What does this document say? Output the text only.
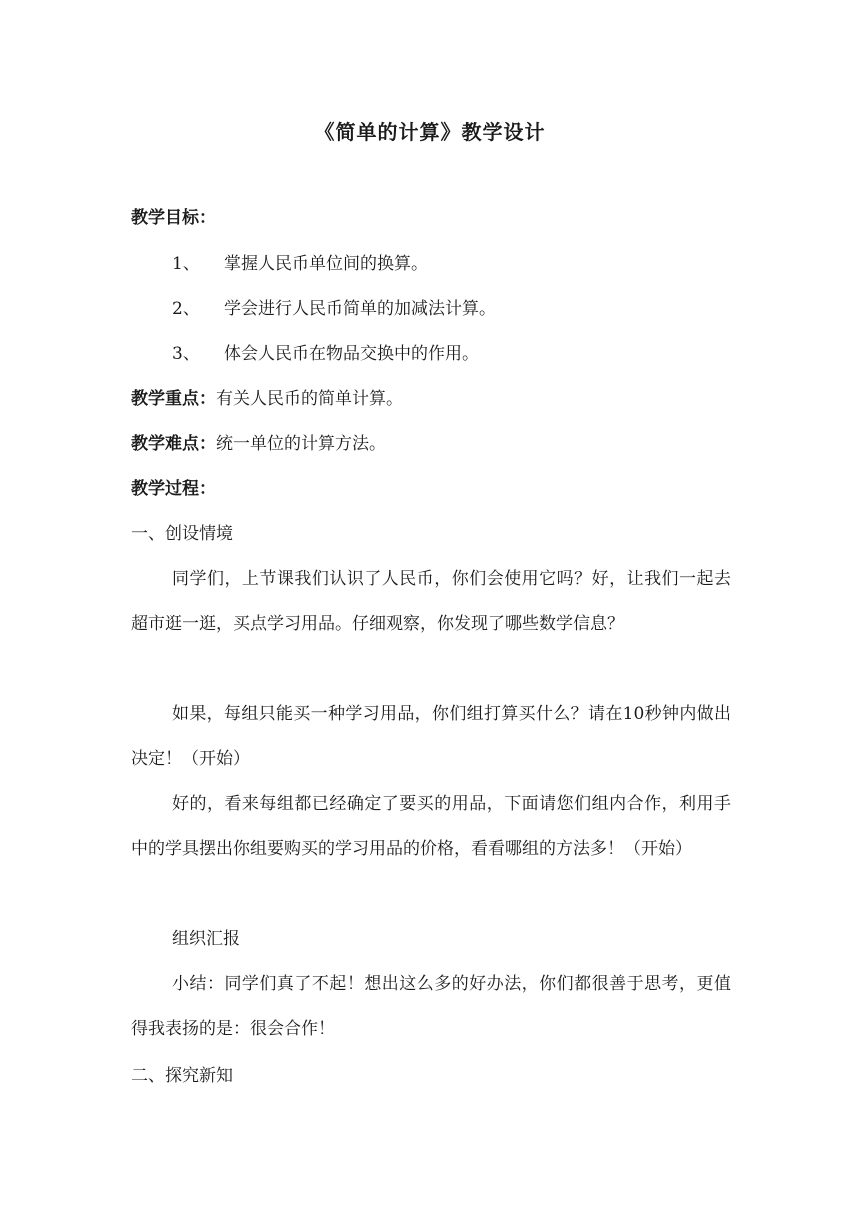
《简单的计算》教学设计
教学目标：
1、 掌握人民币单位间的换算。
2、 学会进行人民币简单的加减法计算。
3、 体会人民币在物品交换中的作用。
教学重点：有关人民币的简单计算。
教学难点：统一单位的计算方法。
教学过程：
一、创设情境
同学们，上节课我们认识了人民币，你们会使用它吗？好，让我们一起去超市逛一逛，买点学习用品。仔细观察，你发现了哪些数学信息？
如果，每组只能买一种学习用品，你们组打算买什么？请在10秒钟内做出决定！（开始）
好的，看来每组都已经确定了要买的用品，下面请您们组内合作，利用手中的学具摆出你组要购买的学习用品的价格，看看哪组的方法多！（开始）
组织汇报
小结：同学们真了不起！想出这么多的好办法，你们都很善于思考，更值得我表扬的是：很会合作！
二、探究新知
